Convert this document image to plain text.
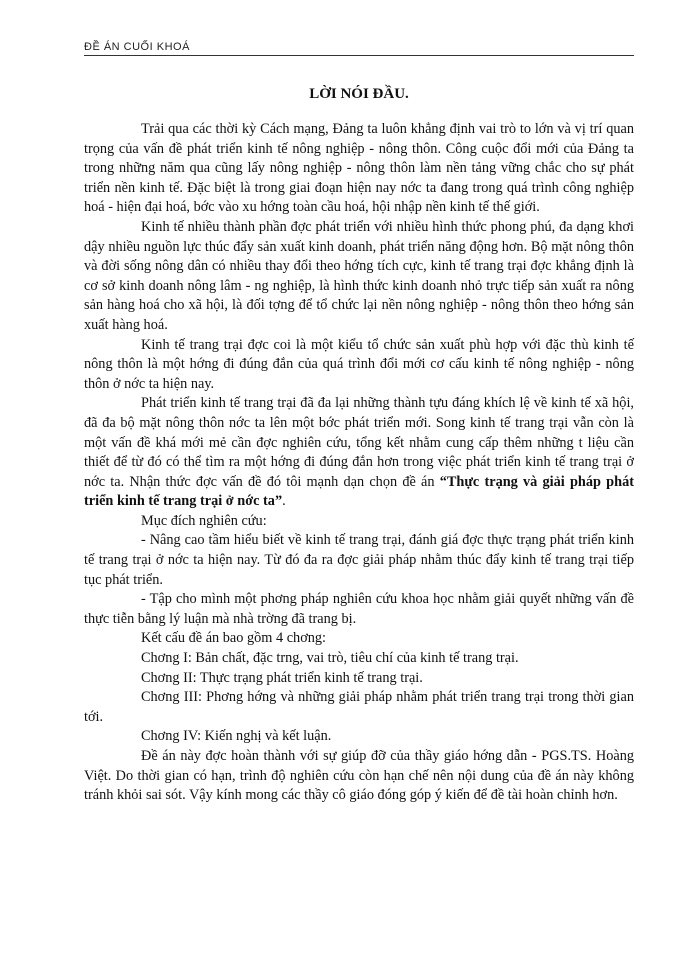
ĐỀ ÁN CUỐI KHOÁ
LỜI NÓI ĐẦU.

Trải qua các thời kỳ Cách mạng, Đảng ta luôn khẳng định vai trò to lớn và vị trí quan trọng của vấn đề phát triển kinh tế nông nghiệp - nông thôn. Công cuộc đổi mới của Đảng ta trong những năm qua cũng lấy nông nghiệp - nông thôn làm nền tảng vững chắc cho sự phát triển nền kinh tế. Đặc biệt là trong giai đoạn hiện nay nớc ta đang trong quá trình công nghiệp hoá - hiện đại hoá, bớc vào xu hớng toàn cầu hoá, hội nhập nền kinh tế thế giới.

Kinh tế nhiều thành phần đợc phát triển với nhiều hình thức phong phú, đa dạng khơi dậy nhiều nguồn lực thúc đẩy sản xuất kinh doanh, phát triển năng động hơn. Bộ mặt nông thôn và đời sống nông dân có nhiều thay đổi theo hớng tích cực, kinh tế trang trại đợc khẳng định là cơ sở kinh doanh nông lâm - ng nghiệp, là hình thức kinh doanh nhỏ trực tiếp sản xuất ra nông sản hàng hoá cho xã hội, là đối tợng để tổ chức lại nền nông nghiệp - nông thôn theo hớng sản xuất hàng hoá.

Kinh tế trang trại đợc coi là một kiểu tổ chức sản xuất phù hợp với đặc thù kinh tế nông thôn là một hớng đi đúng đắn của quá trình đổi mới cơ cấu kinh tế nông nghiệp - nông thôn ở nớc ta hiện nay.

Phát triển kinh tế trang trại đã đa lại những thành tựu đáng khích lệ về kinh tế xã hội, đã đa bộ mặt nông thôn nớc ta lên một bớc phát triển mới. Song kinh tế trang trại vẫn còn là một vấn đề khá mới mẻ cần đợc nghiên cứu, tổng kết nhằm cung cấp thêm những t liệu cần thiết để từ đó có thể tìm ra một hớng đi đúng đắn hơn trong việc phát triển kinh tế trang trại ở nớc ta. Nhận thức đợc vấn đề đó tôi mạnh dạn chọn đề án “Thực trạng và giải pháp phát triển kinh tế trang trại ở nớc ta”.

Mục đích nghiên cứu:

- Nâng cao tầm hiểu biết về kinh tế trang trại, đánh giá đợc thực trạng phát triển kinh tế trang trại ở nớc ta hiện nay. Từ đó đa ra đợc giải pháp nhằm thúc đẩy kinh tế trang trại tiếp tục phát triển.

- Tập cho mình một phơng pháp nghiên cứu khoa học nhằm giải quyết những vấn đề thực tiễn bằng lý luận mà nhà trờng đã trang bị.

Kết cấu đề án bao gồm 4 chơng:

Chơng I: Bản chất, đặc trng, vai trò, tiêu chí của kinh tế trang trại.

Chơng II: Thực trạng phát triển kinh tế trang trại.

Chơng III: Phơng hớng và những giải pháp nhằm phát triển trang trại trong thời gian tới.

Chơng IV: Kiến nghị và kết luận.

Đề án này đợc hoàn thành với sự giúp đỡ của thầy giáo hớng dẫn - PGS.TS. Hoàng Việt. Do thời gian có hạn, trình độ nghiên cứu còn hạn chế nên nội dung của đề án này không tránh khỏi sai sót. Vậy kính mong các thầy cô giáo đóng góp ý kiến để đề tài hoàn chỉnh hơn.
